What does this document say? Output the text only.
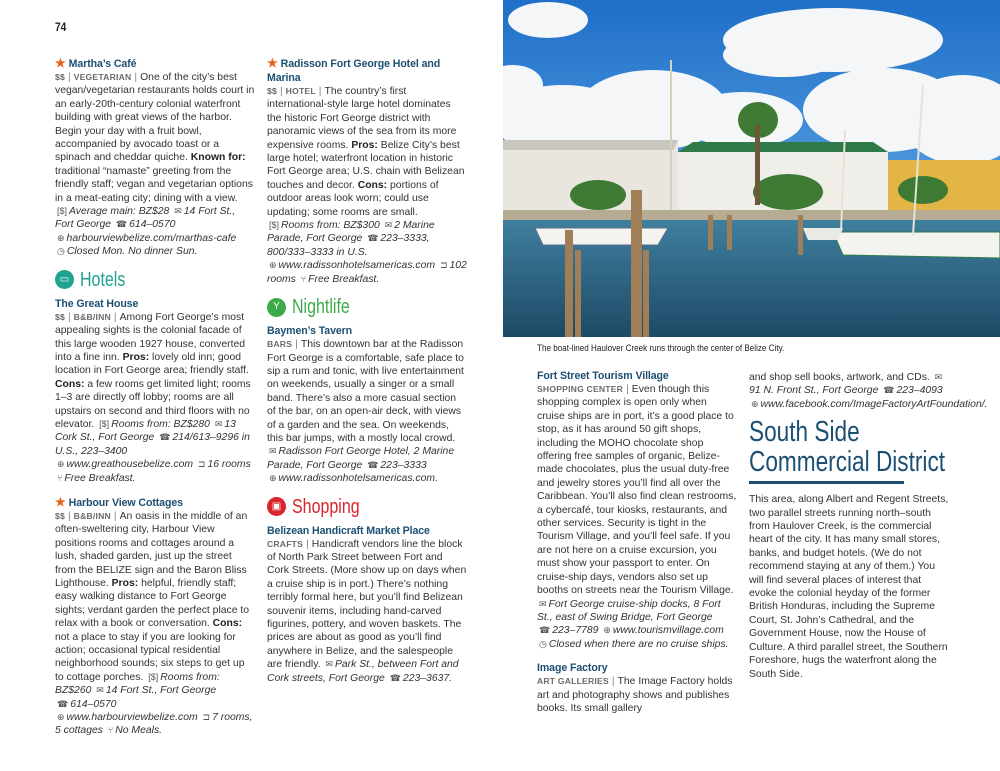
74
★ Martha’s Café

$$ | VEGETARIAN | One of the city’s best vegan/vegetarian restaurants holds court in an early-20th-century colonial waterfront building with great views of the harbor. Begin your day with a fruit bowl, accompanied by avocado toast or a spinach and cheddar quiche. Known for: traditional “namaste” greeting from the friendly staff; vegan and vegetarian options in a meat-eating city; dining with a view. [$] Average main: BZ$28 ✉ 14 Fort St., Fort George ☎ 614–0570 ⊕ harbourviewbelize.com/marthas-cafe ◷ Closed Mon. No dinner Sun.

▭ Hotels
The Great House

$$ | B&B/INN | Among Fort George’s most appealing sights is the colonial facade of this large wooden 1927 house, converted into a fine inn. Pros: lovely old inn; good location in Fort George area; friendly staff. Cons: a few rooms get limited light; rooms 1–3 are directly off lobby; rooms are all upstairs on second and third floors with no elevator. [$] Rooms from: BZ$280 ✉ 13 Cork St., Fort George ☎ 214/613–9296 in U.S., 223–3400 ⊕ www.greathousebelize.com ⊐ 16 rooms ⑂ Free Breakfast.

★ Harbour View Cottages

$$ | B&B/INN | An oasis in the middle of an often-sweltering city, Harbour View positions rooms and cottages around a lush, shaded garden, just up the street from the BELIZE sign and the Baron Bliss Lighthouse. Pros: helpful, friendly staff; easy walking distance to Fort George sights; verdant garden the perfect place to relax with a book or conversation. Cons: not a place to stay if you are looking for action; occasional typical residential neighborhood sounds; six steps to get up to cottage porches. [$] Rooms from: BZ$260 ✉ 14 Fort St., Fort George ☎ 614–0570 ⊕ www.harbourviewbelize.com ⊐ 7 rooms, 5 cottages ⑂ No Meals.

★ Radisson Fort George Hotel and Marina

$$ | HOTEL | The country’s first international-style large hotel dominates the historic Fort George district with panoramic views of the sea from its more expensive rooms. Pros: Belize City’s best large hotel; waterfront location in historic Fort George area; U.S. chain with Belizean touches and decor. Cons: portions of outdoor areas look worn; could use updating; some rooms are small. [$] Rooms from: BZ$300 ✉ 2 Marine Parade, Fort George ☎ 223–3333, 800/333–3333 in U.S. ⊕ www.radissonhotelsamericas.com ⊐ 102 rooms ⑂ Free Breakfast.

Y Nightlife
Baymen’s Tavern

BARS | This downtown bar at the Radisson Fort George is a comfortable, safe place to sip a rum and tonic, with live entertainment on weekends, usually a singer or a small band. There’s also a more casual section of the bar, on an open-air deck, with views of a garden and the sea. On weekends, this bar jumps, with a mostly local crowd. ✉ Radisson Fort George Hotel, 2 Marine Parade, Fort George ☎ 223–3333 ⊕ www.radissonhotelsamericas.com.

▣ Shopping
Belizean Handicraft Market Place

CRAFTS | Handicraft vendors line the block of North Park Street between Fort and Cork Streets. (More show up on days when a cruise ship is in port.) There’s nothing terribly formal here, but you’ll find Belizean souvenir items, including hand-carved figurines, pottery, and woven baskets. The prices are about as good as you’ll find anywhere in Belize, and the salespeople are friendly. ✉ Park St., between Fort and Cork streets, Fort George ☎ 223–3637.

The boat-lined Haulover Creek runs through the center of Belize City.
Fort Street Tourism Village

SHOPPING CENTER | Even though this shopping complex is open only when cruise ships are in port, it’s a good place to stop, as it has around 50 gift shops, including the MOHO chocolate shop offering free samples of organic, Belize-made chocolates, plus the usual duty-free and jewelry stores you’ll find all over the Caribbean. You’ll also find clean restrooms, a cybercafé, tour kiosks, restaurants, and other services. Security is tight in the Tourism Village, and you’ll feel safe. If you are not here on a cruise excursion, you must show your passport to enter. On cruise-ship days, vendors also set up booths on streets near the Tourism Village. ✉ Fort George cruise-ship docks, 8 Fort St., east of Swing Bridge, Fort George ☎ 223–7789 ⊕ www.tourismvillage.com ◷ Closed when there are no cruise ships.

Image Factory

ART GALLERIES | The Image Factory holds art and photography shows and publishes books. Its small gallery

and shop sell books, artwork, and CDs. ✉91 N. Front St., Fort George ☎ 223–4093 ⊕ www.facebook.com/ImageFactoryArtFoundation/.

South Side
Commercial District

This area, along Albert and Regent Streets, two parallel streets running north–south from Haulover Creek, is the commercial heart of the city. It has many small stores, banks, and budget hotels. (We do not recommend staying at any of them.) You will find several places of interest that evoke the colonial heyday of the former British Honduras, including the Supreme Court, St. John’s Cathedral, and the Government House, now the House of Culture. A third parallel street, the Southern Foreshore, hugs the waterfront along the South Side.
